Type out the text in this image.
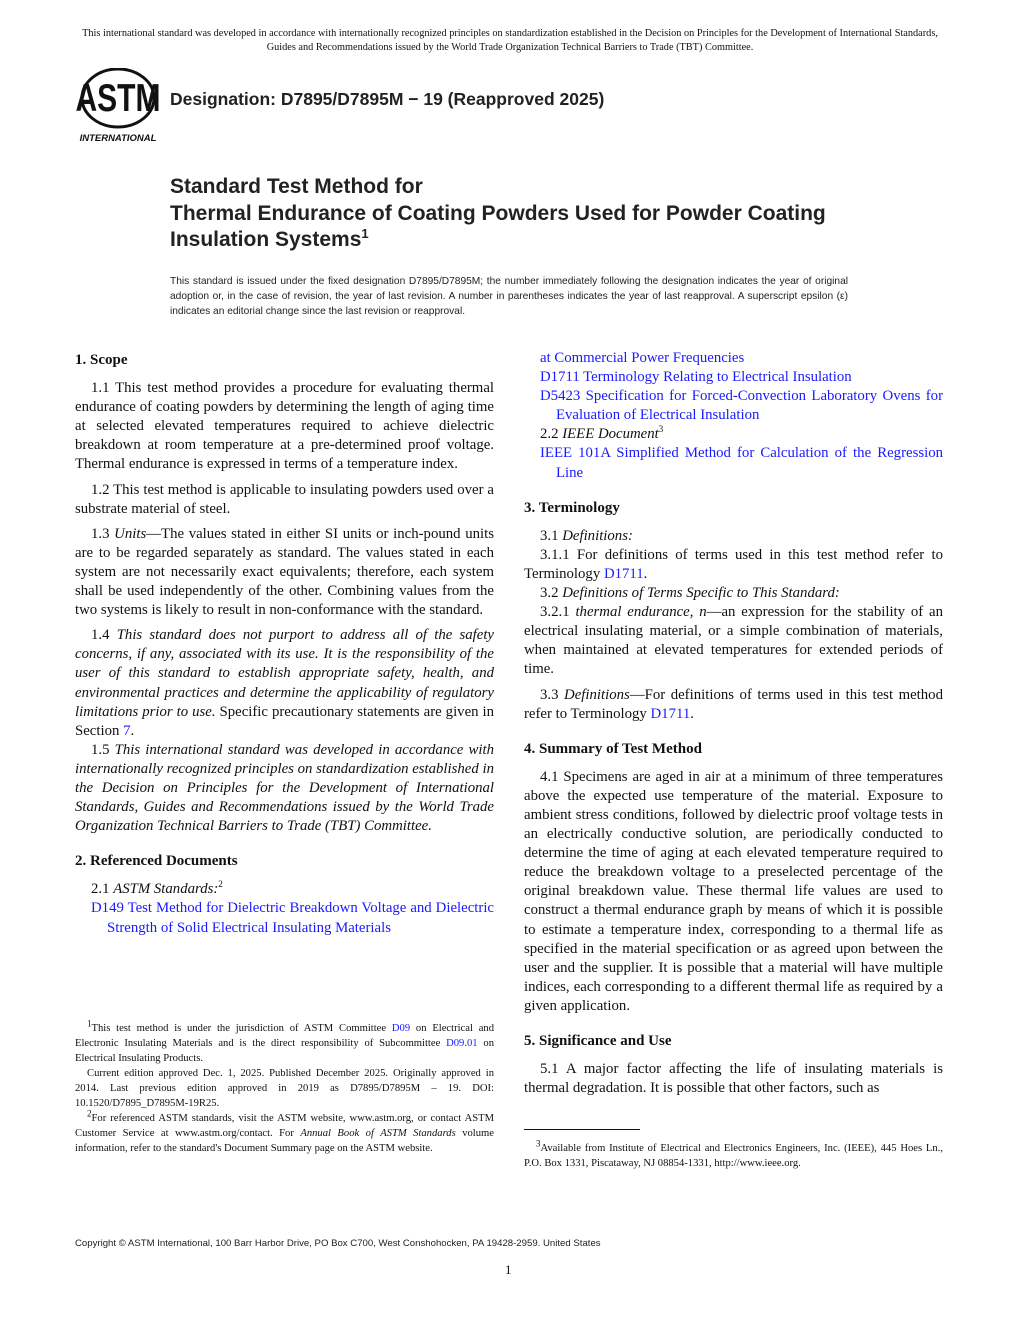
This international standard was developed in accordance with internationally recognized principles on standardization established in the Decision on Principles for the Development of International Standards, Guides and Recommendations issued by the World Trade Organization Technical Barriers to Trade (TBT) Committee.
ASTM
INTERNATIONAL
Designation: D7895/D7895M − 19 (Reapproved 2025)
Standard Test Method for
Thermal Endurance of Coating Powders Used for Powder Coating Insulation Systems$^1$
This standard is issued under the fixed designation D7895/D7895M; the number immediately following the designation indicates the year of original adoption or, in the case of revision, the year of last revision. A number in parentheses indicates the year of last reapproval. A superscript epsilon (ε) indicates an editorial change since the last revision or reapproval.
1. Scope
1.1 This test method provides a procedure for evaluating thermal endurance of coating powders by determining the length of aging time at selected elevated temperatures required to achieve dielectric breakdown at room temperature at a pre-determined proof voltage. Thermal endurance is expressed in terms of a temperature index.
1.2 This test method is applicable to insulating powders used over a substrate material of steel.
1.3 Units—The values stated in either SI units or inch-pound units are to be regarded separately as standard. The values stated in each system are not necessarily exact equivalents; therefore, each system shall be used independently of the other. Combining values from the two systems is likely to result in non-conformance with the standard.
1.4 This standard does not purport to address all of the safety concerns, if any, associated with its use. It is the responsibility of the user of this standard to establish appropriate safety, health, and environmental practices and determine the applicability of regulatory limitations prior to use. Specific precautionary statements are given in Section 7.
1.5 This international standard was developed in accordance with internationally recognized principles on standardization established in the Decision on Principles for the Development of International Standards, Guides and Recommendations issued by the World Trade Organization Technical Barriers to Trade (TBT) Committee.
2. Referenced Documents
2.1 ASTM Standards:$^2$
D149 Test Method for Dielectric Breakdown Voltage and Dielectric Strength of Solid Electrical Insulating Materials
at Commercial Power Frequencies
D1711 Terminology Relating to Electrical Insulation
D5423 Specification for Forced-Convection Laboratory Ovens for Evaluation of Electrical Insulation
2.2 IEEE Document$^3$
IEEE 101A Simplified Method for Calculation of the Regression Line
3. Terminology
3.1 Definitions:
3.1.1 For definitions of terms used in this test method refer to Terminology D1711.
3.2 Definitions of Terms Specific to This Standard:
3.2.1 thermal endurance, n—an expression for the stability of an electrical insulating material, or a simple combination of materials, when maintained at elevated temperatures for extended periods of time.
3.3 Definitions—For definitions of terms used in this test method refer to Terminology D1711.
4. Summary of Test Method
4.1 Specimens are aged in air at a minimum of three temperatures above the expected use temperature of the material. Exposure to ambient stress conditions, followed by dielectric proof voltage tests in an electrically conductive solution, are periodically conducted to determine the time of aging at each elevated temperature required to reduce the breakdown voltage to a preselected percentage of the original breakdown value. These thermal life values are used to construct a thermal endurance graph by means of which it is possible to estimate a temperature index, corresponding to a thermal life as specified in the material specification or as agreed upon between the user and the supplier. It is possible that a material will have multiple indices, each corresponding to a different thermal life as required by a given application.
5. Significance and Use
5.1 A major factor affecting the life of insulating materials is thermal degradation. It is possible that other factors, such as
$^1$This test method is under the jurisdiction of ASTM Committee D09 on Electrical and Electronic Insulating Materials and is the direct responsibility of Subcommittee D09.01 on Electrical Insulating Products.
Current edition approved Dec. 1, 2025. Published December 2025. Originally approved in 2014. Last previous edition approved in 2019 as D7895/D7895M – 19. DOI: 10.1520/D7895_D7895M-19R25.
$^2$For referenced ASTM standards, visit the ASTM website, www.astm.org, or contact ASTM Customer Service at www.astm.org/contact. For Annual Book of ASTM Standards volume information, refer to the standard's Document Summary page on the ASTM website.	$^3$Available from Institute of Electrical and Electronics Engineers, Inc. (IEEE), 445 Hoes Ln., P.O. Box 1331, Piscataway, NJ 08854-1331, http://www.ieee.org.
Copyright © ASTM International, 100 Barr Harbor Drive, PO Box C700, West Conshohocken, PA 19428-2959. United States
1
